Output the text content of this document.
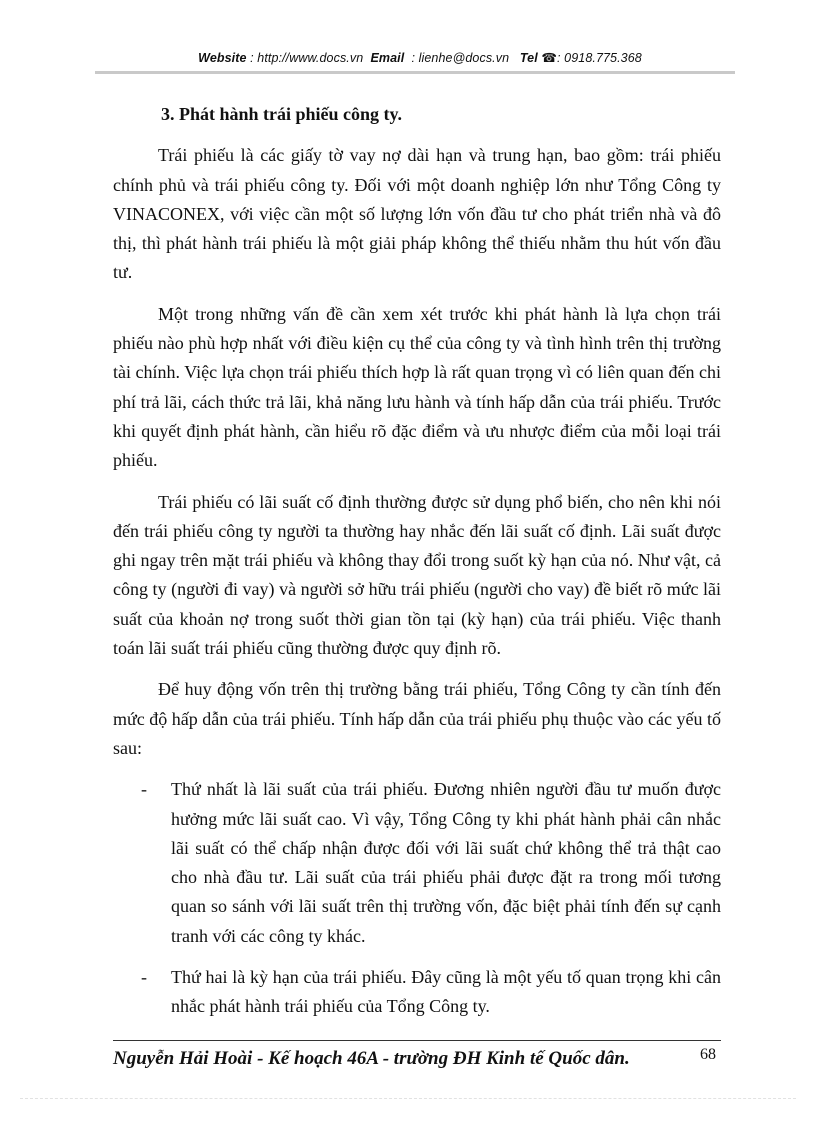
Website : http://www.docs.vn Email : lienhe@docs.vn Tel ☎: 0918.775.368
3. Phát hành trái phiếu công ty.

Trái phiếu là các giấy tờ vay nợ dài hạn và trung hạn, bao gồm: trái phiếu chính phủ và trái phiếu công ty. Đối với một doanh nghiệp lớn như Tổng Công ty VINACONEX, với việc cần một số lượng lớn vốn đầu tư cho phát triển nhà và đô thị, thì phát hành trái phiếu là một giải pháp không thể thiếu nhằm thu hút vốn đầu tư.

Một trong những vấn đề cần xem xét trước khi phát hành là lựa chọn trái phiếu nào phù hợp nhất với điều kiện cụ thể của công ty và tình hình trên thị trường tài chính. Việc lựa chọn trái phiếu thích hợp là rất quan trọng vì có liên quan đến chi phí trả lãi, cách thức trả lãi, khả năng lưu hành và tính hấp dẫn của trái phiếu. Trước khi quyết định phát hành, cần hiểu rõ đặc điểm và ưu nhược điểm của mỗi loại trái phiếu.

Trái phiếu có lãi suất cố định thường được sử dụng phổ biến, cho nên khi nói đến trái phiếu công ty người ta thường hay nhắc đến lãi suất cố định. Lãi suất được ghi ngay trên mặt trái phiếu và không thay đổi trong suốt kỳ hạn của nó. Như vật, cả công ty (người đi vay) và người sở hữu trái phiếu (người cho vay) đề biết rõ mức lãi suất của khoản nợ trong suốt thời gian tồn tại (kỳ hạn) của trái phiếu. Việc thanh toán lãi suất trái phiếu cũng thường được quy định rõ.

Để huy động vốn trên thị trường bằng trái phiếu, Tổng Công ty cần tính đến mức độ hấp dẫn của trái phiếu. Tính hấp dẫn của trái phiếu phụ thuộc vào các yếu tố sau:

- Thứ nhất là lãi suất của trái phiếu. Đương nhiên người đầu tư muốn được hưởng mức lãi suất cao. Vì vậy, Tổng Công ty khi phát hành phải cân nhắc lãi suất có thể chấp nhận được đối với lãi suất chứ không thể trả thật cao cho nhà đầu tư. Lãi suất của trái phiếu phải được đặt ra trong mối tương quan so sánh với lãi suất trên thị trường vốn, đặc biệt phải tính đến sự cạnh tranh với các công ty khác.
- Thứ hai là kỳ hạn của trái phiếu. Đây cũng là một yếu tố quan trọng khi cân nhắc phát hành trái phiếu của Tổng Công ty.
Nguyễn Hải Hoài - Kế hoạch 46A - trường ĐH Kinh tế Quốc dân.	68
